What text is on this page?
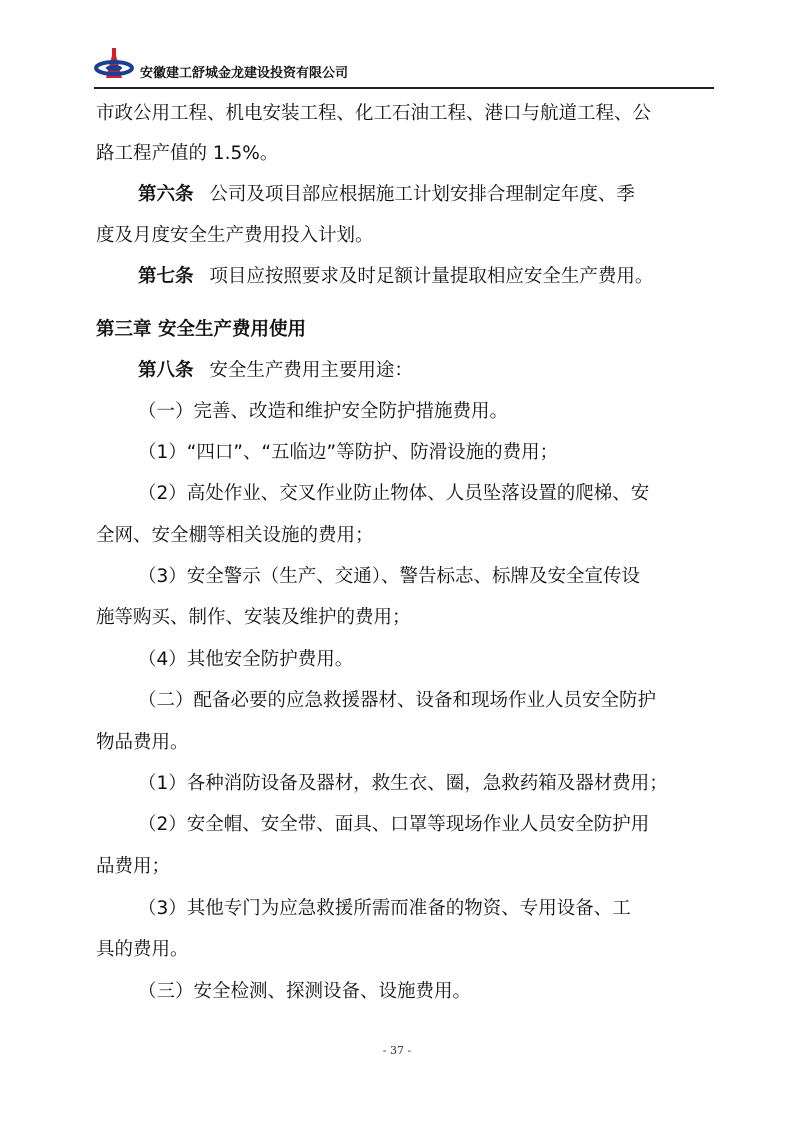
安徽建工舒城金龙建设投资有限公司
市政公用工程、机电安装工程、化工石油工程、港口与航道工程、公
路工程产值的 1.5%。
第六条 公司及项目部应根据施工计划安排合理制定年度、季
度及月度安全生产费用投入计划。
第七条 项目应按照要求及时足额计量提取相应安全生产费用。
第三章 安全生产费用使用
第八条 安全生产费用主要用途：
（一）完善、改造和维护安全防护措施费用。
（1）“四口”、“五临边”等防护、防滑设施的费用；
（2）高处作业、交叉作业防止物体、人员坠落设置的爬梯、安
全网、安全棚等相关设施的费用；
（3）安全警示（生产、交通）、警告标志、标牌及安全宣传设
施等购买、制作、安装及维护的费用；
（4）其他安全防护费用。
（二）配备必要的应急救援器材、设备和现场作业人员安全防护
物品费用。
（1）各种消防设备及器材，救生衣、圈，急救药箱及器材费用；
（2）安全帽、安全带、面具、口罩等现场作业人员安全防护用
品费用；
（3）其他专门为应急救援所需而准备的物资、专用设备、工
具的费用。
（三）安全检测、探测设备、设施费用。
- 37 -
